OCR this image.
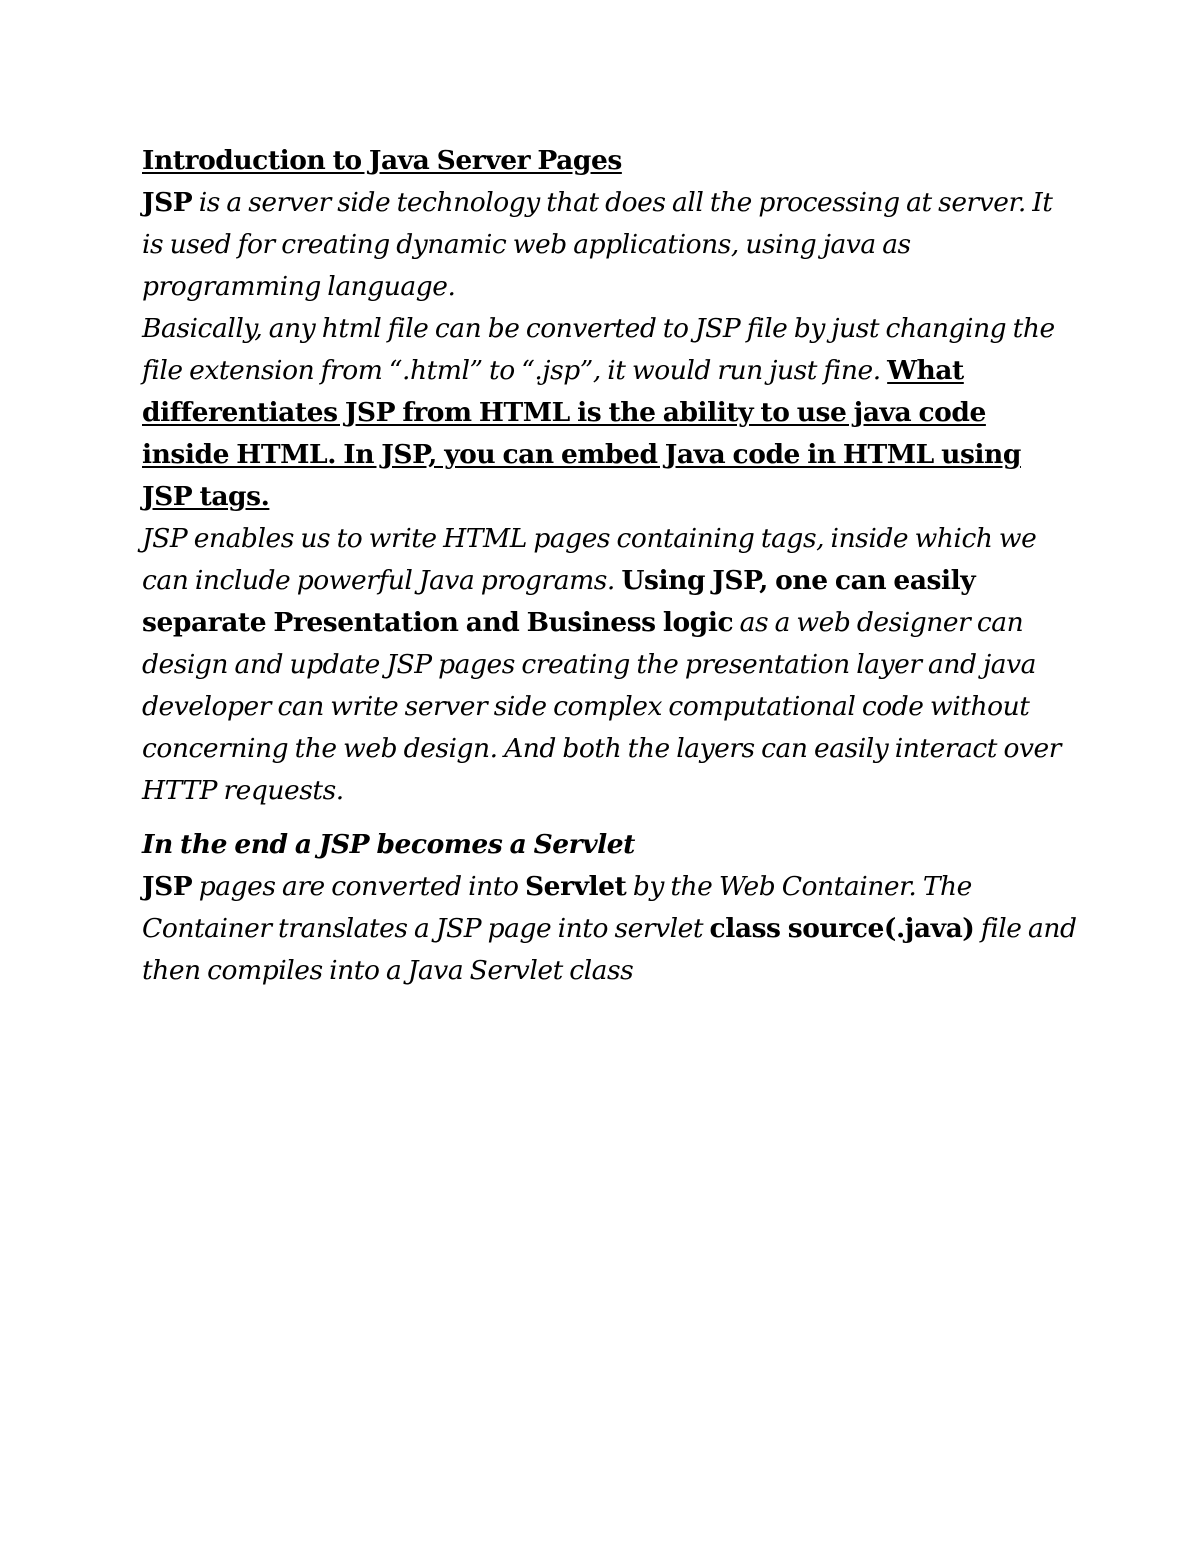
Introduction to Java Server Pages

JSP is a server side technology that does all the processing at server. It is used for creating dynamic web applications, using java as programming language.

Basically, any html file can be converted to JSP file by just changing the file extension from “.html” to “.jsp”, it would run just fine. What differentiates JSP from HTML is the ability to use java code inside HTML. In JSP, you can embed Java code in HTML using JSP tags.

JSP enables us to write HTML pages containing tags, inside which we can include powerful Java programs. Using JSP, one can easily separate Presentation and Business logic as a web designer can design and update JSP pages creating the presentation layer and java developer can write server side complex computational code without concerning the web design. And both the layers can easily interact over HTTP requests.

In the end a JSP becomes a Servlet

JSP pages are converted into Servlet by the Web Container. The Container translates a JSP page into servlet class source(.java) file and then compiles into a Java Servlet class
